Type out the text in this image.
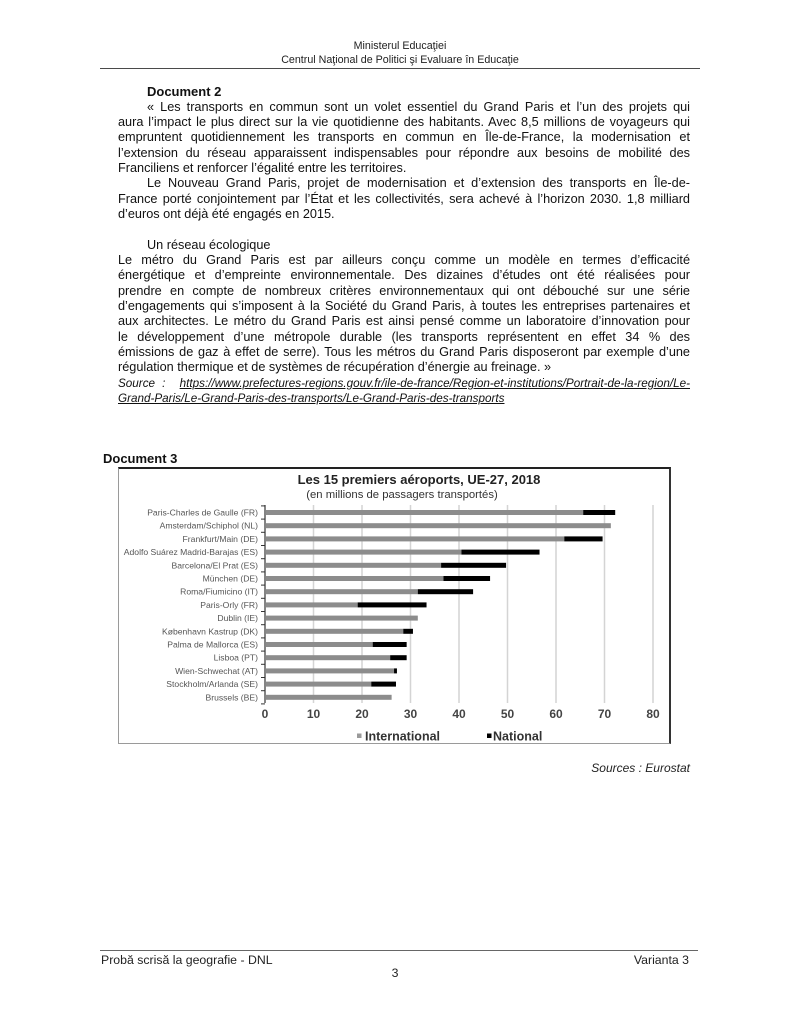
Ministerul Educaţiei
Centrul Naţional de Politici şi Evaluare în Educaţie
Document 2
« Les transports en commun sont un volet essentiel du Grand Paris et l’un des projets qui
aura l’impact le plus direct sur la vie quotidienne des habitants. Avec 8,5 millions de voyageurs qui
empruntent quotidiennement les transports en commun en Île-de-France, la modernisation et
l’extension du réseau apparaissent indispensables pour répondre aux besoins de mobilité des
Franciliens et renforcer l’égalité entre les territoires.
Le Nouveau Grand Paris, projet de modernisation et d’extension des transports en Île-de-
France porté conjointement par l’État et les collectivités, sera achevé à l’horizon 2030. 1,8 milliard
d’euros ont déjà été engagés en 2015.
Un réseau écologique
Le métro du Grand Paris est par ailleurs conçu comme un modèle en termes d’efficacité
énergétique et d’empreinte environnementale. Des dizaines d’études ont été réalisées pour
prendre en compte de nombreux critères environnementaux qui ont débouché sur une série
d’engagements qui s’imposent à la Société du Grand Paris, à toutes les entreprises partenaires et
aux architectes. Le métro du Grand Paris est ainsi pensé comme un laboratoire d’innovation pour
le développement d’une métropole durable (les transports représentent en effet 34 % des
émissions de gaz à effet de serre). Tous les métros du Grand Paris disposeront par exemple d’une
régulation thermique et de systèmes de récupération d’énergie au freinage. »
Source : https://www.prefectures-regions.gouv.fr/ile-de-france/Region-et-institutions/Portrait-de-la-region/Le-
Grand-Paris/Le-Grand-Paris-des-transports/Le-Grand-Paris-des-transports
Document 3
Les 15 premiers aéroports, UE-27, 2018
(en millions de passagers transportés)
0	10	20	30	40	50	60	70	80
Paris-Charles de Gaulle (FR)
Amsterdam/Schiphol (NL)
Frankfurt/Main (DE)
Adolfo Suárez Madrid-Barajas (ES)
Barcelona/El Prat (ES)
München (DE)
Roma/Fiumicino (IT)
Paris-Orly (FR)
Dublin (IE)
København Kastrup (DK)
Palma de Mallorca (ES)
Lisboa (PT)
Wien-Schwechat (AT)
Stockholm/Arlanda (SE)
Brussels (BE)
International	National
Sources : Eurostat
Probă scrisă la geografie - DNL	Varianta 3
3
